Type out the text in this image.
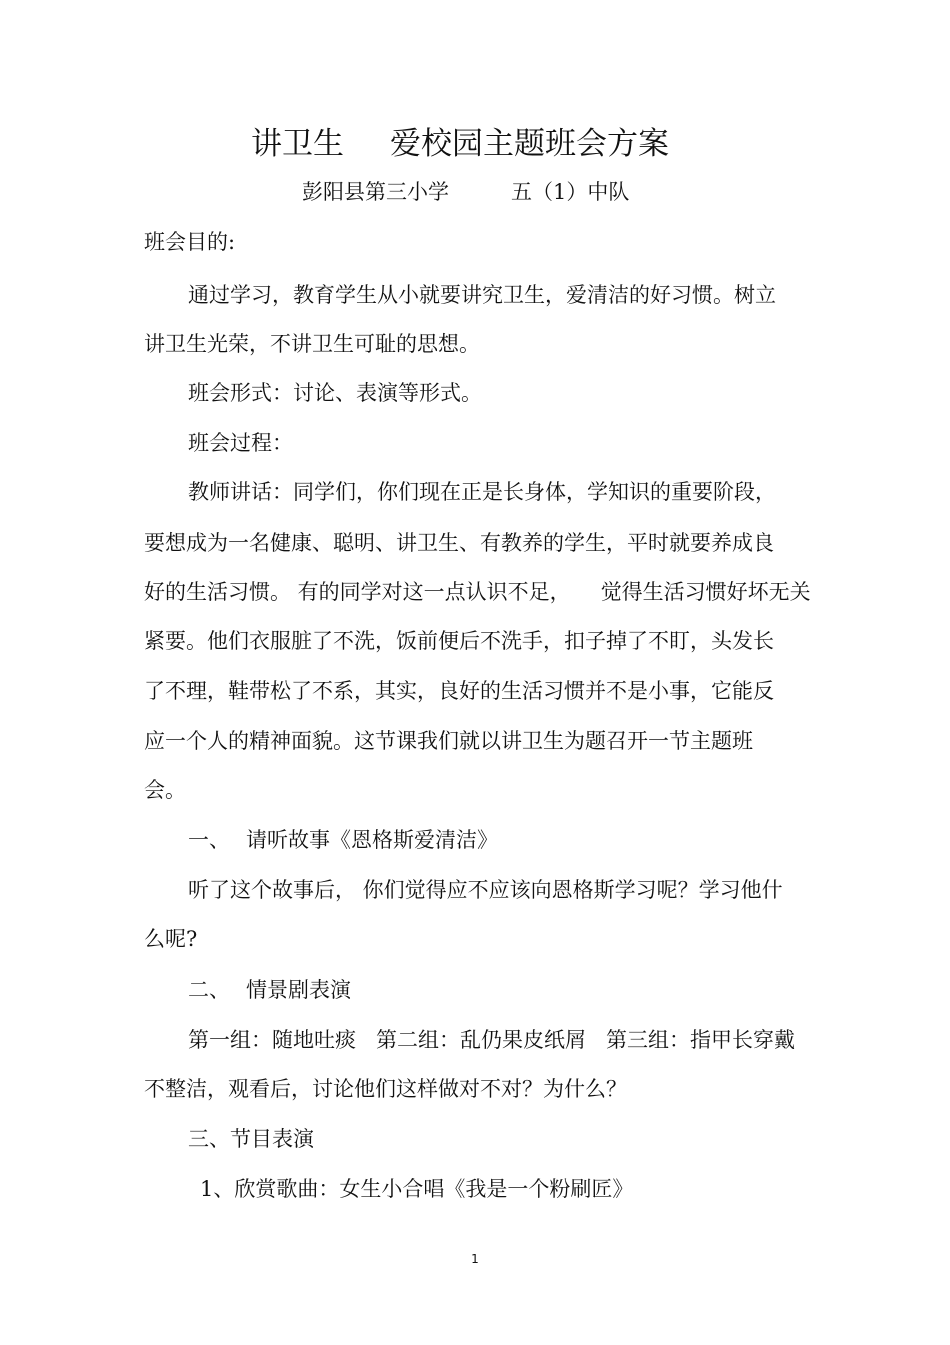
讲卫生 爱校园主题班会方案
彭阳县第三小学	五（1）中队
班会目的:
通过学习，教育学生从小就要讲究卫生，爱清洁的好习惯。树立
讲卫生光荣，不讲卫生可耻的思想。
班会形式：讨论、表演等形式。
班会过程：
教师讲话：同学们，你们现在正是长身体，学知识的重要阶段，
要想成为一名健康、聪明、讲卫生、有教养的学生，平时就要养成良
好的生活习惯。 有的同学对这一点认识不足， 觉得生活习惯好坏无关
紧要。他们衣服脏了不洗，饭前便后不洗手，扣子掉了不盯，头发长
了不理，鞋带松了不系，其实，良好的生活习惯并不是小事，它能反
应一个人的精神面貌。这节课我们就以讲卫生为题召开一节主题班
会。
一、 请听故事《恩格斯爱清洁》
听了这个故事后， 你们觉得应不应该向恩格斯学习呢？学习他什
么呢?
二、 情景剧表演
第一组：随地吐痰 第二组：乱仍果皮纸屑 第三组：指甲长穿戴
不整洁，观看后，讨论他们这样做对不对？为什么？
三、节目表演
1、欣赏歌曲：女生小合唱《我是一个粉刷匠》
1
